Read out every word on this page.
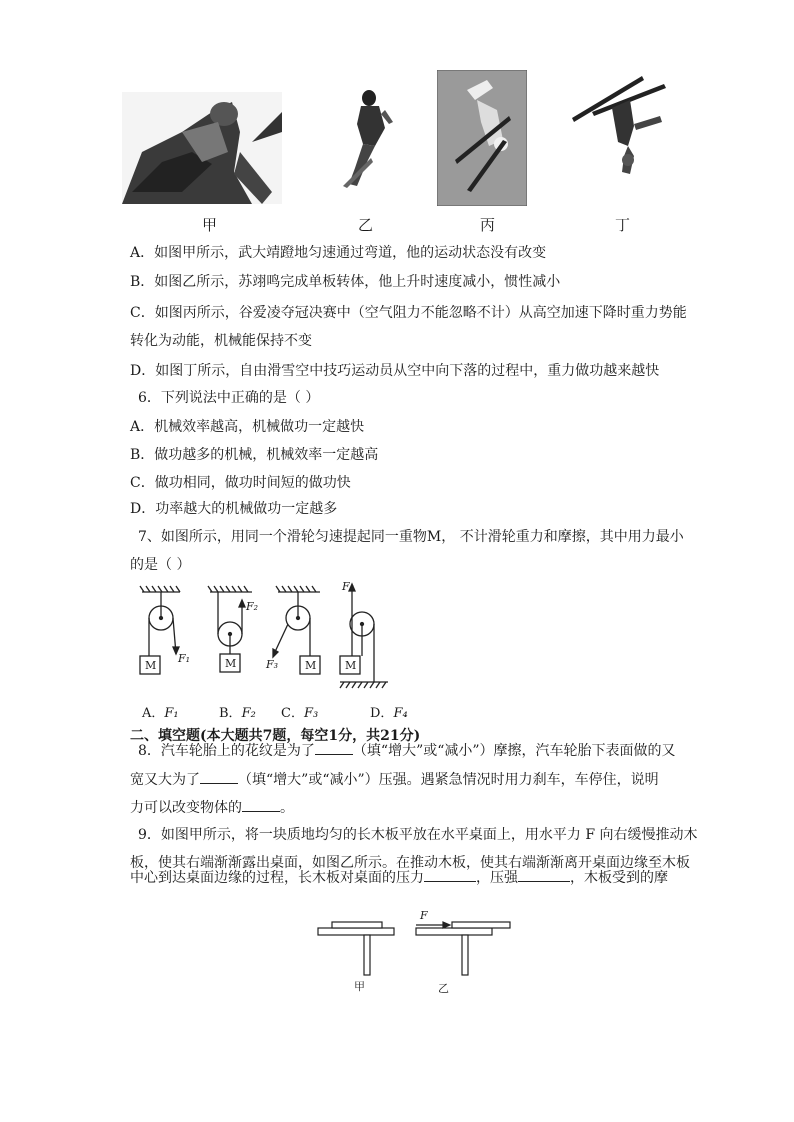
甲	乙	丙	丁
A．如图甲所示，武大靖蹬地匀速通过弯道，他的运动状态没有改变
B．如图乙所示，苏翊鸣完成单板转体，他上升时速度减小，惯性减小
C．如图丙所示，谷爱凌夺冠决赛中（空气阻力不能忽略不计）从高空加速下降时重力势能
转化为动能，机械能保持不变
D．如图丁所示，自由滑雪空中技巧运动员从空中向下落的过程中，重力做功越来越快
6．下列说法中正确的是（ ）
A．机械效率越高，机械做功一定越快
B．做功越多的机械，机械效率一定越高
C．做功相同，做功时间短的做功快
D．功率越大的机械做功一定越多
7、如图所示，用同一个滑轮匀速提起同一重物M， 不计滑轮重力和摩擦，其中用力最小
的是（ ）
M	M	M	M
F₁
F₂
F₃
F₄
A．F₁	B．F₂ C．F₃	D．F₄
二、填空题(本大题共7题，每空1分，共21分)
8．汽车轮胎上的花纹是为了	（填“增大”或“减小”）摩擦，汽车轮胎下表面做的又
宽又大为了	（填“增大”或“减小”）压强。遇紧急情况时用力刹车，车停住，说明
力可以改变物体的	。
9．如图甲所示，将一块质地均匀的长木板平放在水平桌面上，用水平力 F 向右缓慢推动木
板，使其右端渐渐露出桌面，如图乙所示。在推动木板，使其右端渐渐离开桌面边缘至木板
中心到达桌面边缘的过程，长木板对桌面的压力	，压强	，木板受到的摩
F
甲	乙
